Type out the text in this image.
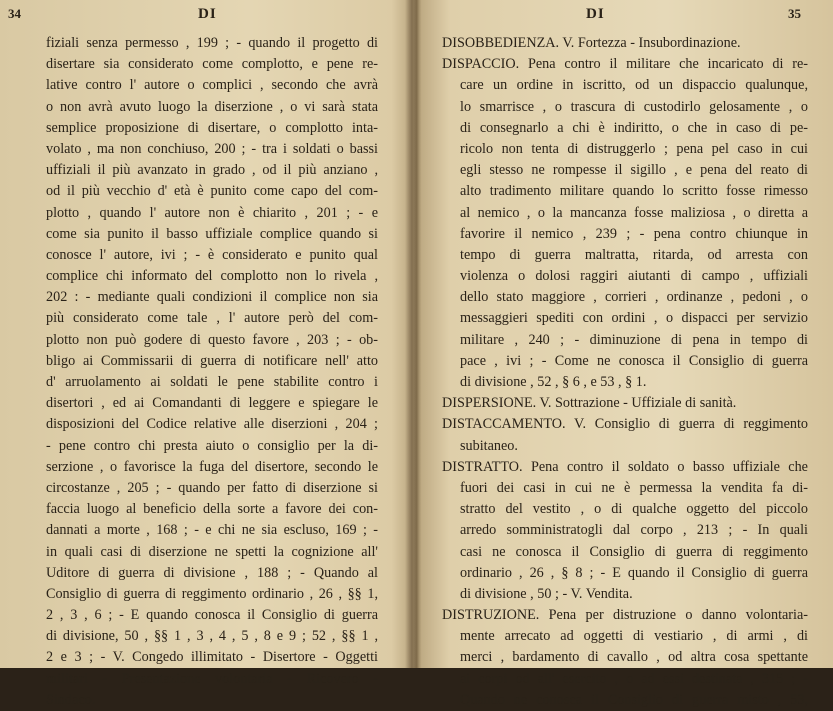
34	DI
fiziali senza permesso , 199 ; - quando il progetto di
disertare sia considerato come complotto, e pene re-
lative contro l' autore o complici , secondo che avrà
o non avrà avuto luogo la diserzione , o vi sarà stata
semplice proposizione di disertare, o complotto inta-
volato , ma non conchiuso, 200 ; - tra i soldati o bassi
uffiziali il più avanzato in grado , od il più anziano ,
od il più vecchio d' età è punito come capo del com-
plotto , quando l' autore non è chiarito , 201 ; - e
come sia punito il basso uffiziale complice quando si
conosce l' autore, ivi ; - è considerato e punito qual
complice chi informato del complotto non lo rivela ,
202 : - mediante quali condizioni il complice non sia
più considerato come tale , l' autore però del com-
plotto non può godere di questo favore , 203 ; - ob-
bligo ai Commissarii di guerra di notificare nell' atto
d' arruolamento ai soldati le pene stabilite contro i
disertori , ed ai Comandanti di leggere e spiegare le
disposizioni del Codice relative alle diserzioni , 204 ;
- pene contro chi presta aiuto o consiglio per la di-
serzione , o favorisce la fuga del disertore, secondo le
circostanze , 205 ; - quando per fatto di diserzione si
faccia luogo al beneficio della sorte a favore dei con-
dannati a morte , 168 ; - e chi ne sia escluso, 169 ; -
in quali casi di diserzione ne spetti la cognizione all'
Uditore di guerra di divisione , 188 ; - Quando al
Consiglio di guerra di reggimento ordinario , 26 , §§ 1,
2 , 3 , 6 ; - E quando conosca il Consiglio di guerra
di divisione, 50 , §§ 1 , 3 , 4 , 5 , 8 e 9 ; 52 , §§ 1 ,
2 e 3 ; - V. Congedo illimitato - Disertore - Oggetti
militari - Presentazione volontaria - Ricovero -
Sindaco.
DI	35
DISOBBEDIENZA. V. Fortezza - Insubordinazione.
DISPACCIO. Pena contro il militare che incaricato di re-
care un ordine in iscritto, od un dispaccio qualunque,
lo smarrisce , o trascura di custodirlo gelosamente , o
di consegnarlo a chi è indiritto, o che in caso di pe-
ricolo non tenta di distruggerlo ; pena pel caso in cui
egli stesso ne rompesse il sigillo , e pena del reato di
alto tradimento militare quando lo scritto fosse rimesso
al nemico , o la mancanza fosse maliziosa , o diretta a
favorire il nemico , 239 ; - pena contro chiunque in
tempo di guerra maltratta, ritarda, od arresta con
violenza o dolosi raggiri aiutanti di campo , uffiziali
dello stato maggiore , corrieri , ordinanze , pedoni , o
messaggieri spediti con ordini , o dispacci per servizio
militare , 240 ; - diminuzione di pena in tempo di
pace , ivi ; - Come ne conosca il Consiglio di guerra
di divisione , 52 , § 6 , e 53 , § 1.
DISPERSIONE. V. Sottrazione - Uffiziale di sanità.
DISTACCAMENTO. V. Consiglio di guerra di reggimento
subitaneo.
DISTRATTO. Pena contro il soldato o basso uffiziale che
fuori dei casi in cui ne è permessa la vendita fa di-
stratto del vestito , o di qualche oggetto del piccolo
arredo somministratogli dal corpo , 213 ; - In quali
casi ne conosca il Consiglio di guerra di reggimento
ordinario , 26 , § 8 ; - E quando il Consiglio di guerra
di divisione , 50 ; - V. Vendita.
DISTRUZIONE. Pena per distruzione o danno volontaria-
mente arrecato ad oggetti di vestiario , di armi , di
merci , bardamento di cavallo , od altra cosa spettante
ai corpi od all' esercito , o ad essi destinata , 315 ; -
Quando ne conosca il Consiglio di guerra misto , 53,
